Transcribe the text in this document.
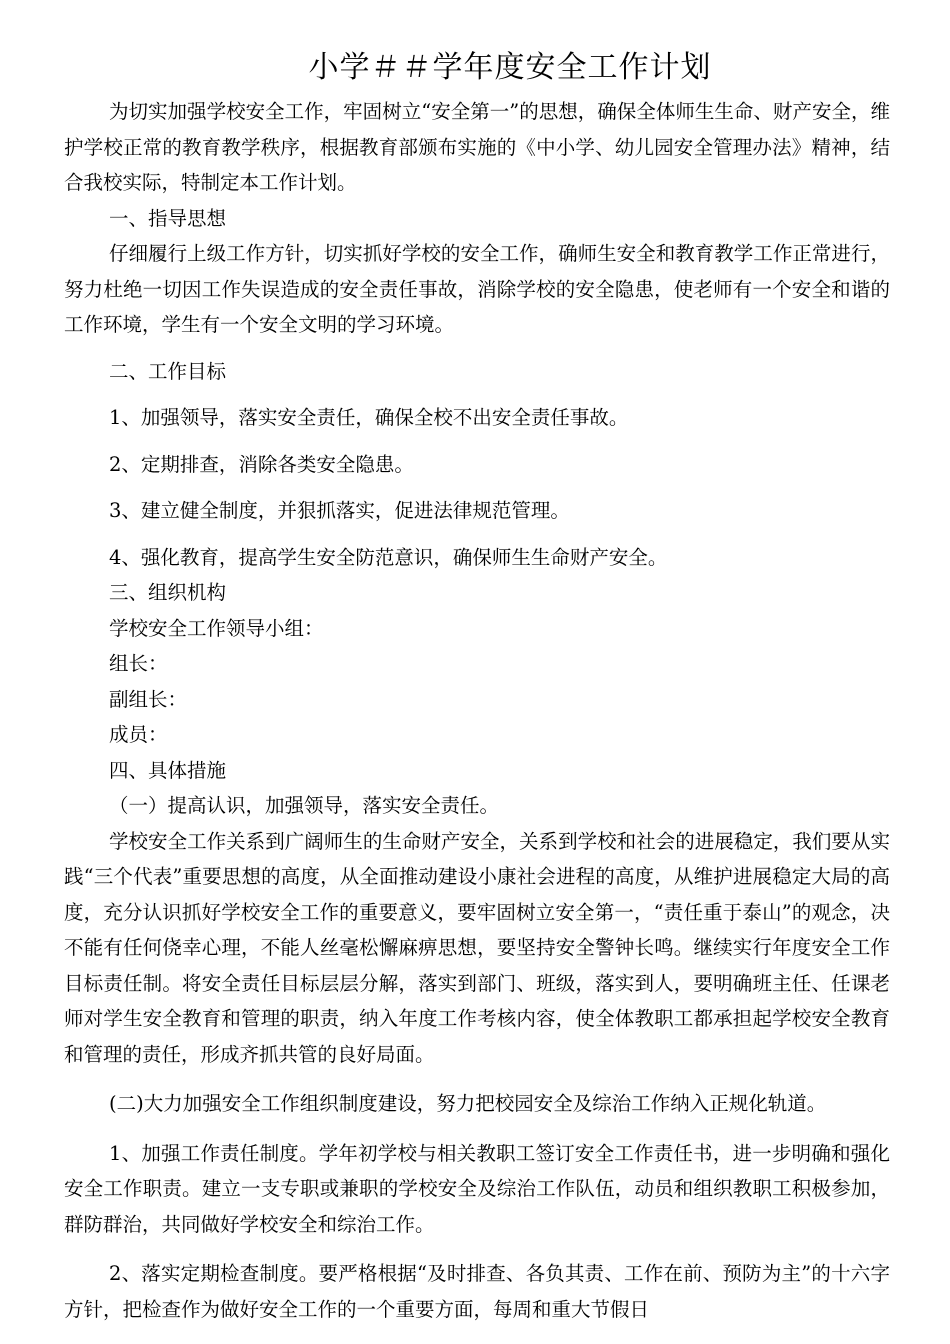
小学＃＃学年度安全工作计划

为切实加强学校安全工作，牢固树立“安全第一”的思想，确保全体师生生命、财产安全，维护学校正常的教育教学秩序，根据教育部颁布实施的《中小学、幼儿园安全管理办法》精神，结合我校实际，特制定本工作计划。

一、指导思想

仔细履行上级工作方针，切实抓好学校的安全工作，确师生安全和教育教学工作正常进行，努力杜绝一切因工作失误造成的安全责任事故，消除学校的安全隐患，使老师有一个安全和谐的工作环境，学生有一个安全文明的学习环境。

二、工作目标

1、加强领导，落实安全责任，确保全校不出安全责任事故。

2、定期排查，消除各类安全隐患。

3、建立健全制度，并狠抓落实，促进法律规范管理。

4、强化教育，提高学生安全防范意识，确保师生生命财产安全。

三、组织机构

学校安全工作领导小组：

组长：

副组长：

成员：

四、具体措施

（一）提高认识，加强领导，落实安全责任。

学校安全工作关系到广阔师生的生命财产安全，关系到学校和社会的进展稳定，我们要从实践“三个代表”重要思想的高度，从全面推动建设小康社会进程的高度，从维护进展稳定大局的高度，充分认识抓好学校安全工作的重要意义，要牢固树立安全第一，“责任重于泰山”的观念，决不能有任何侥幸心理，不能人丝毫松懈麻痹思想，要坚持安全警钟长鸣。继续实行年度安全工作目标责任制。将安全责任目标层层分解，落实到部门、班级，落实到人，要明确班主任、任课老师对学生安全教育和管理的职责，纳入年度工作考核内容，使全体教职工都承担起学校安全教育和管理的责任，形成齐抓共管的良好局面。

(二)大力加强安全工作组织制度建设，努力把校园安全及综治工作纳入正规化轨道。

1、加强工作责任制度。学年初学校与相关教职工签订安全工作责任书，进一步明确和强化安全工作职责。建立一支专职或兼职的学校安全及综治工作队伍，动员和组织教职工积极参加，群防群治，共同做好学校安全和综治工作。

2、落实定期检查制度。要严格根据“及时排查、各负其责、工作在前、预防为主”的十六字方针，把检查作为做好安全工作的一个重要方面，每周和重大节假日
